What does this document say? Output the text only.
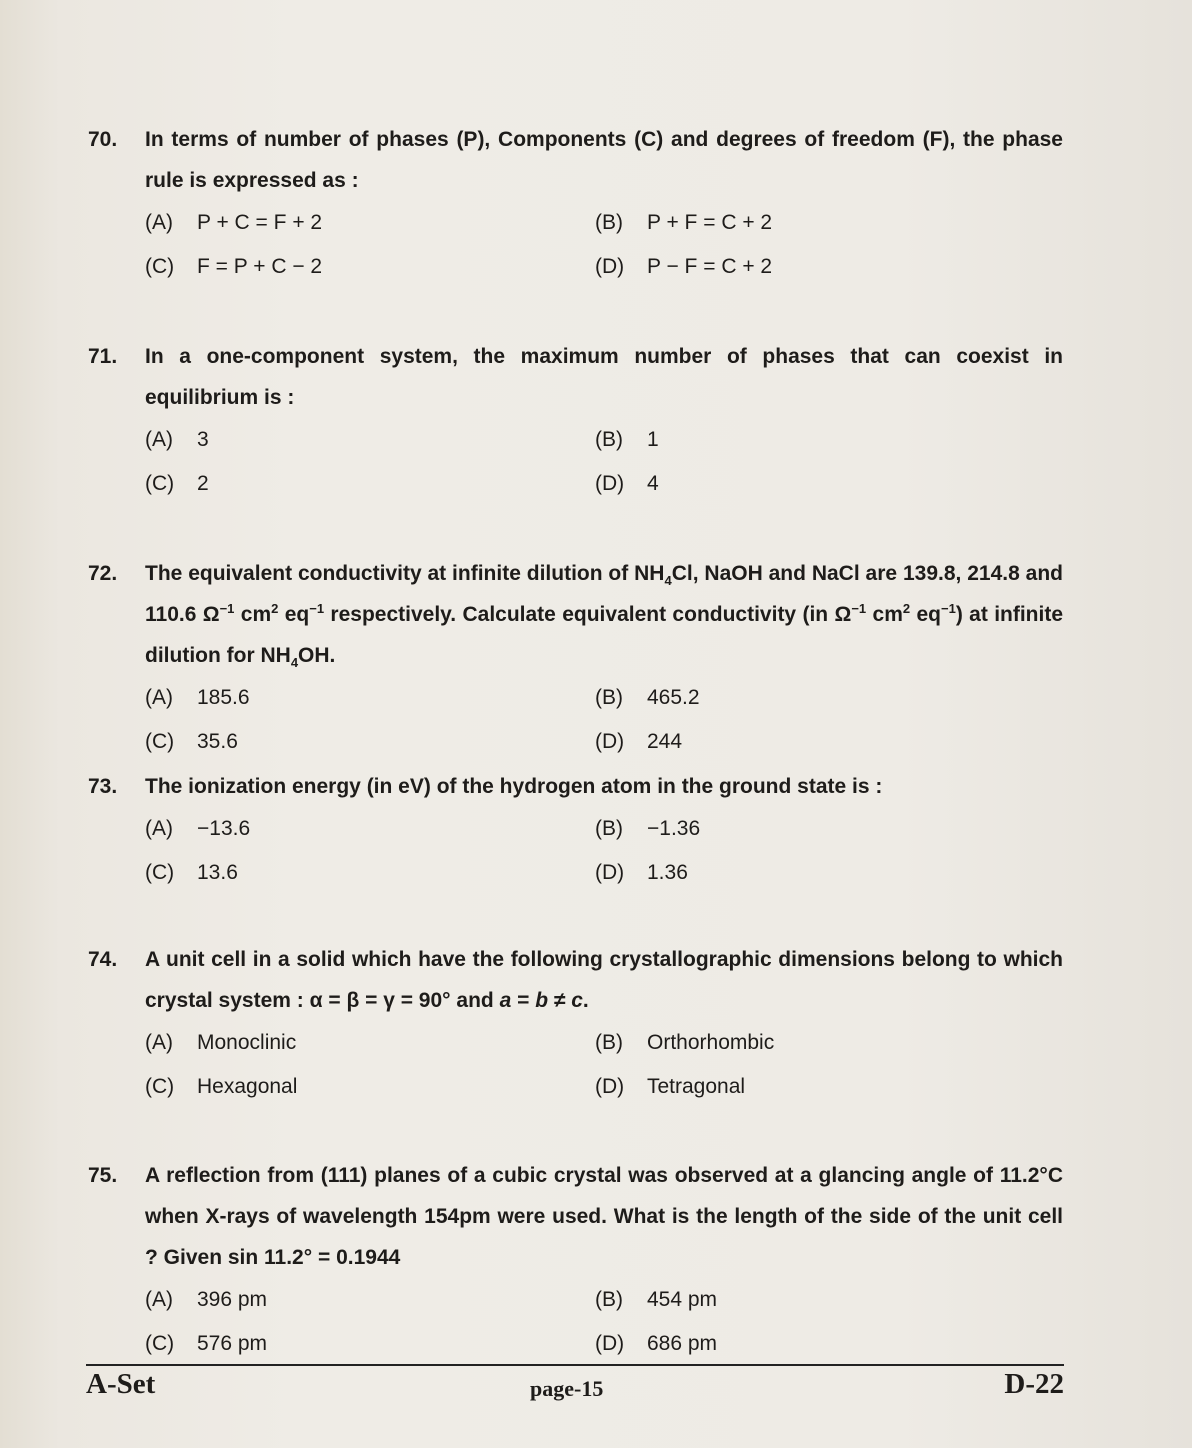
70.	In terms of number of phases (P), Components (C) and degrees of freedom (F), the phase rule is expressed as :
(A)	P + C = F + 2	(B)	P + F = C + 2
(C)	F = P + C − 2	(D)	P − F = C + 2
71.	In a one-component system, the maximum number of phases that can coexist in equilibrium is :
(A)	3	(B)	1
(C)	2	(D)	4
72.	The equivalent conductivity at infinite dilution of $NH_4Cl$, NaOH and NaCl are 139.8, 214.8 and 110.6 $\Omega^{-1}$ $cm^2$ $eq^{-1}$ respectively. Calculate equivalent conductivity (in $\Omega^{-1}$ $cm^2$ $eq^{-1}$) at infinite dilution for $NH_4OH$.
(A)	185.6	(B)	465.2
(C)	35.6	(D)	244
73.	The ionization energy (in eV) of the hydrogen atom in the ground state is :
(A)	−13.6	(B)	−1.36
(C)	13.6	(D)	1.36
74.	A unit cell in a solid which have the following crystallographic dimensions belong to which crystal system : α = β = γ = 90° and a = b ≠ c.
(A)	Monoclinic	(B)	Orthorhombic
(C)	Hexagonal	(D)	Tetragonal
75.	A reflection from (111) planes of a cubic crystal was observed at a glancing angle of 11.2°C when X-rays of wavelength 154pm were used. What is the length of the side of the unit cell ? Given sin 11.2° = 0.1944
(A)	396 pm	(B)	454 pm
(C)	576 pm	(D)	686 pm
A-Set	page-15	D-22
